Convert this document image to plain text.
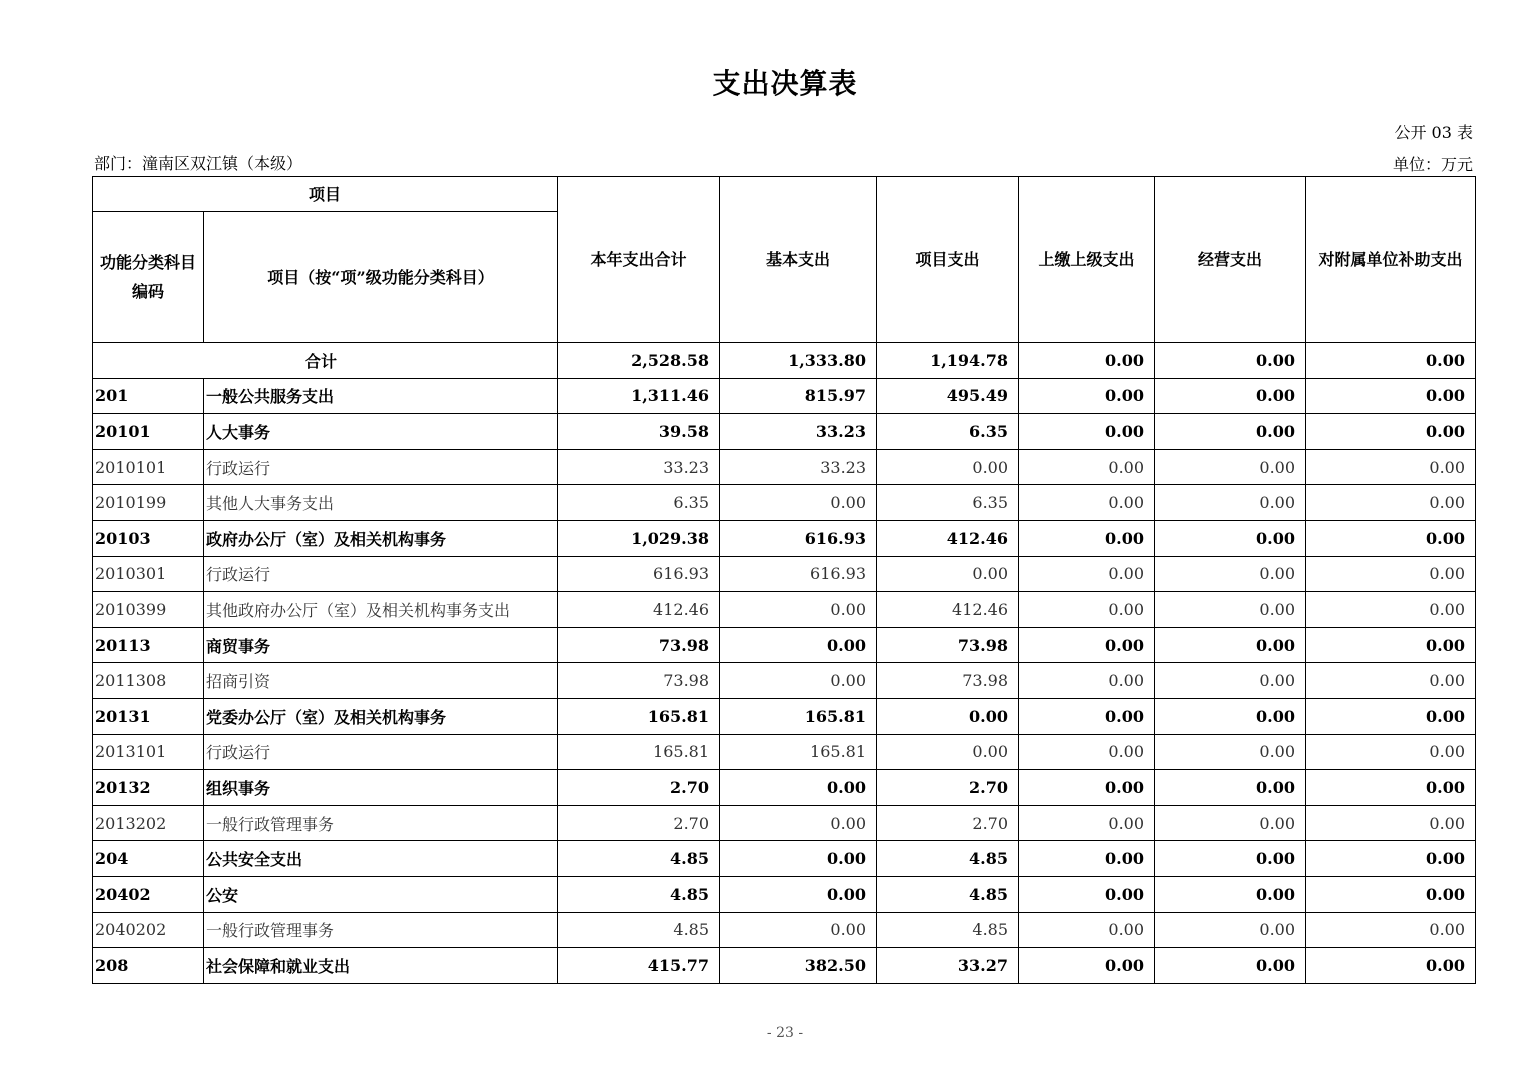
支出决算表
公开 03 表
部门：潼南区双江镇（本级）	单位：万元
项目		本年支出合计	基本支出	项目支出	上缴上级支出	经营支出	对附属单位补助支出
功能分类科目编码	项目（按“项”级功能分类科目）						
合计		2,528.58	1,333.80	1,194.78	0.00	0.00	0.00
201	一般公共服务支出	1,311.46	815.97	495.49	0.00	0.00	0.00
20101	人大事务	39.58	33.23	6.35	0.00	0.00	0.00
2010101	行政运行	33.23	33.23	0.00	0.00	0.00	0.00
2010199	其他人大事务支出	6.35	0.00	6.35	0.00	0.00	0.00
20103	政府办公厅（室）及相关机构事务	1,029.38	616.93	412.46	0.00	0.00	0.00
2010301	行政运行	616.93	616.93	0.00	0.00	0.00	0.00
2010399	其他政府办公厅（室）及相关机构事务支出	412.46	0.00	412.46	0.00	0.00	0.00
20113	商贸事务	73.98	0.00	73.98	0.00	0.00	0.00
2011308	招商引资	73.98	0.00	73.98	0.00	0.00	0.00
20131	党委办公厅（室）及相关机构事务	165.81	165.81	0.00	0.00	0.00	0.00
2013101	行政运行	165.81	165.81	0.00	0.00	0.00	0.00
20132	组织事务	2.70	0.00	2.70	0.00	0.00	0.00
2013202	一般行政管理事务	2.70	0.00	2.70	0.00	0.00	0.00
204	公共安全支出	4.85	0.00	4.85	0.00	0.00	0.00
20402	公安	4.85	0.00	4.85	0.00	0.00	0.00
2040202	一般行政管理事务	4.85	0.00	4.85	0.00	0.00	0.00
208	社会保障和就业支出	415.77	382.50	33.27	0.00	0.00	0.00
- 23 -
